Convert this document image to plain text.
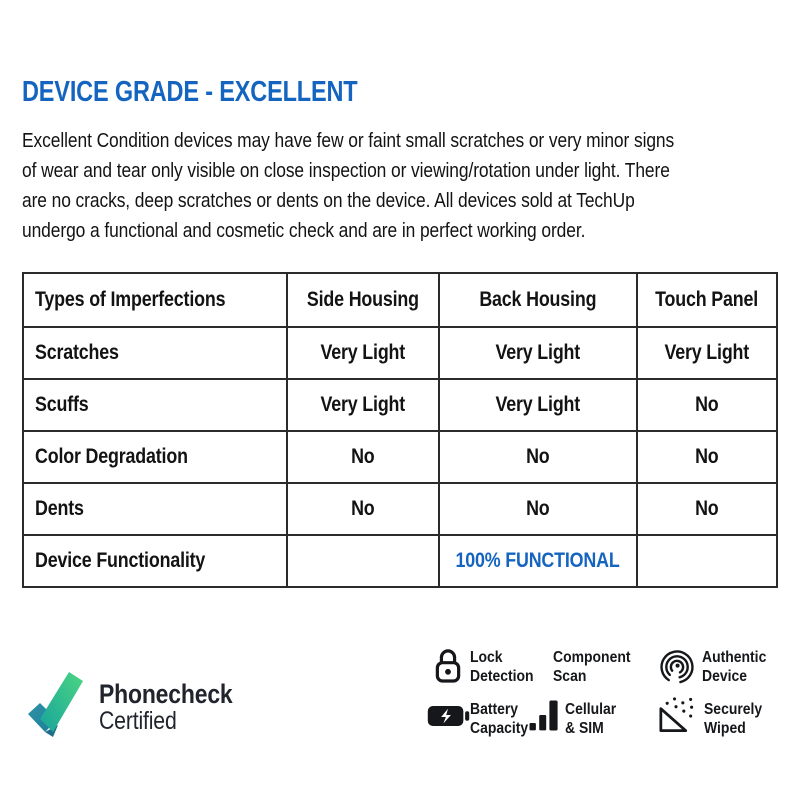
DEVICE GRADE - EXCELLENT
Excellent Condition devices may have few or faint small scratches or very minor signs
of wear and tear only visible on close inspection or viewing/rotation under light. There
are no cracks, deep scratches or dents on the device. All devices sold at TechUp
undergo a functional and cosmetic check and are in perfect working order.
Types of Imperfections	Side Housing	Back Housing	Touch Panel
Scratches	Very Light	Very Light	Very Light
Scuffs	Very Light	Very Light	No
Color Degradation	No	No	No
Dents	No	No	No
Device Functionality		100% FUNCTIONAL	
Phonecheck
Certified
Lock
Detection
Component
Scan
Authentic
Device
Battery
Capacity
Cellular
& SIM
Securely
Wiped
